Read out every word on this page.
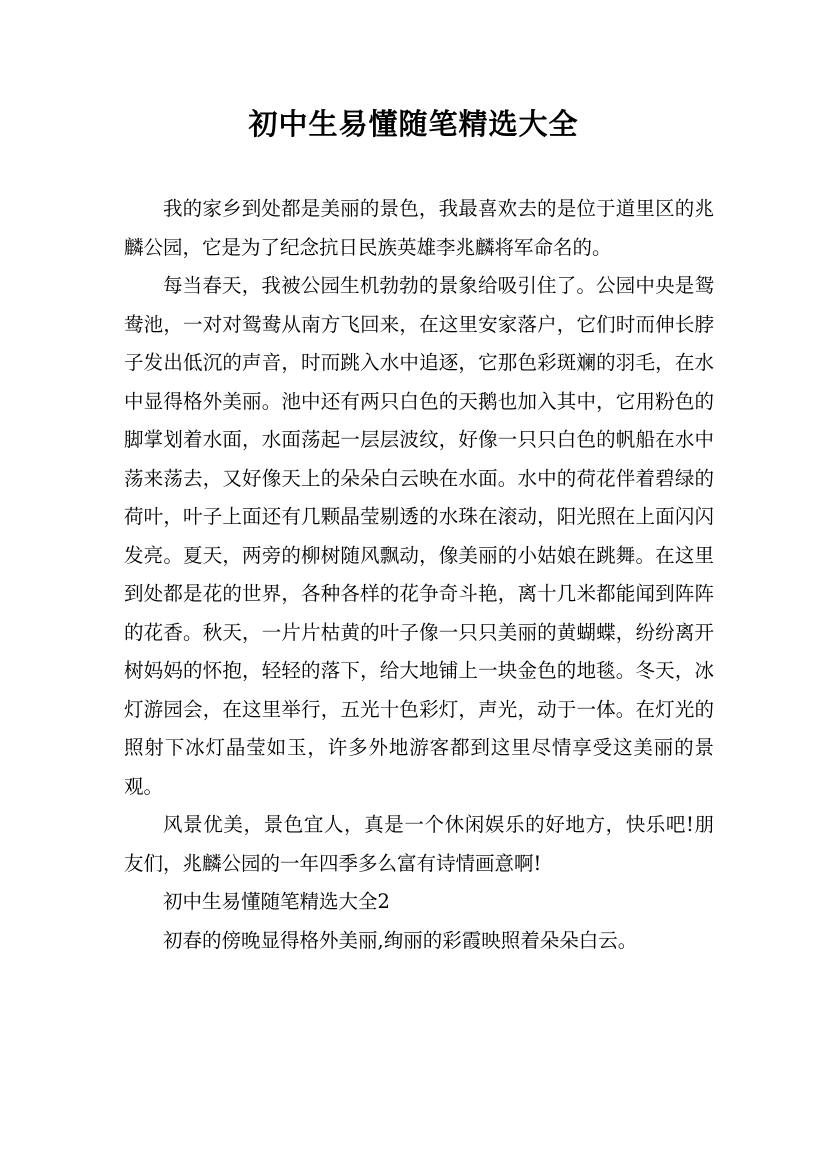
初中生易懂随笔精选大全

我的家乡到处都是美丽的景色，我最喜欢去的是位于道里区的兆麟公园，它是为了纪念抗日民族英雄李兆麟将军命名的。

每当春天，我被公园生机勃勃的景象给吸引住了。公园中央是鸳鸯池，一对对鸳鸯从南方飞回来，在这里安家落户，它们时而伸长脖子发出低沉的声音，时而跳入水中追逐，它那色彩斑斓的羽毛，在水中显得格外美丽。池中还有两只白色的天鹅也加入其中，它用粉色的脚掌划着水面，水面荡起一层层波纹，好像一只只白色的帆船在水中荡来荡去，又好像天上的朵朵白云映在水面。水中的荷花伴着碧绿的荷叶，叶子上面还有几颗晶莹剔透的水珠在滚动，阳光照在上面闪闪发亮。夏天，两旁的柳树随风飘动，像美丽的小姑娘在跳舞。在这里到处都是花的世界，各种各样的花争奇斗艳，离十几米都能闻到阵阵的花香。秋天，一片片枯黄的叶子像一只只美丽的黄蝴蝶，纷纷离开树妈妈的怀抱，轻轻的落下，给大地铺上一块金色的地毯。冬天，冰灯游园会，在这里举行，五光十色彩灯，声光，动于一体。在灯光的照射下冰灯晶莹如玉，许多外地游客都到这里尽情享受这美丽的景观。

风景优美，景色宜人，真是一个休闲娱乐的好地方，快乐吧!朋友们，兆麟公园的一年四季多么富有诗情画意啊!

初中生易懂随笔精选大全2

初春的傍晚显得格外美丽,绚丽的彩霞映照着朵朵白云。
